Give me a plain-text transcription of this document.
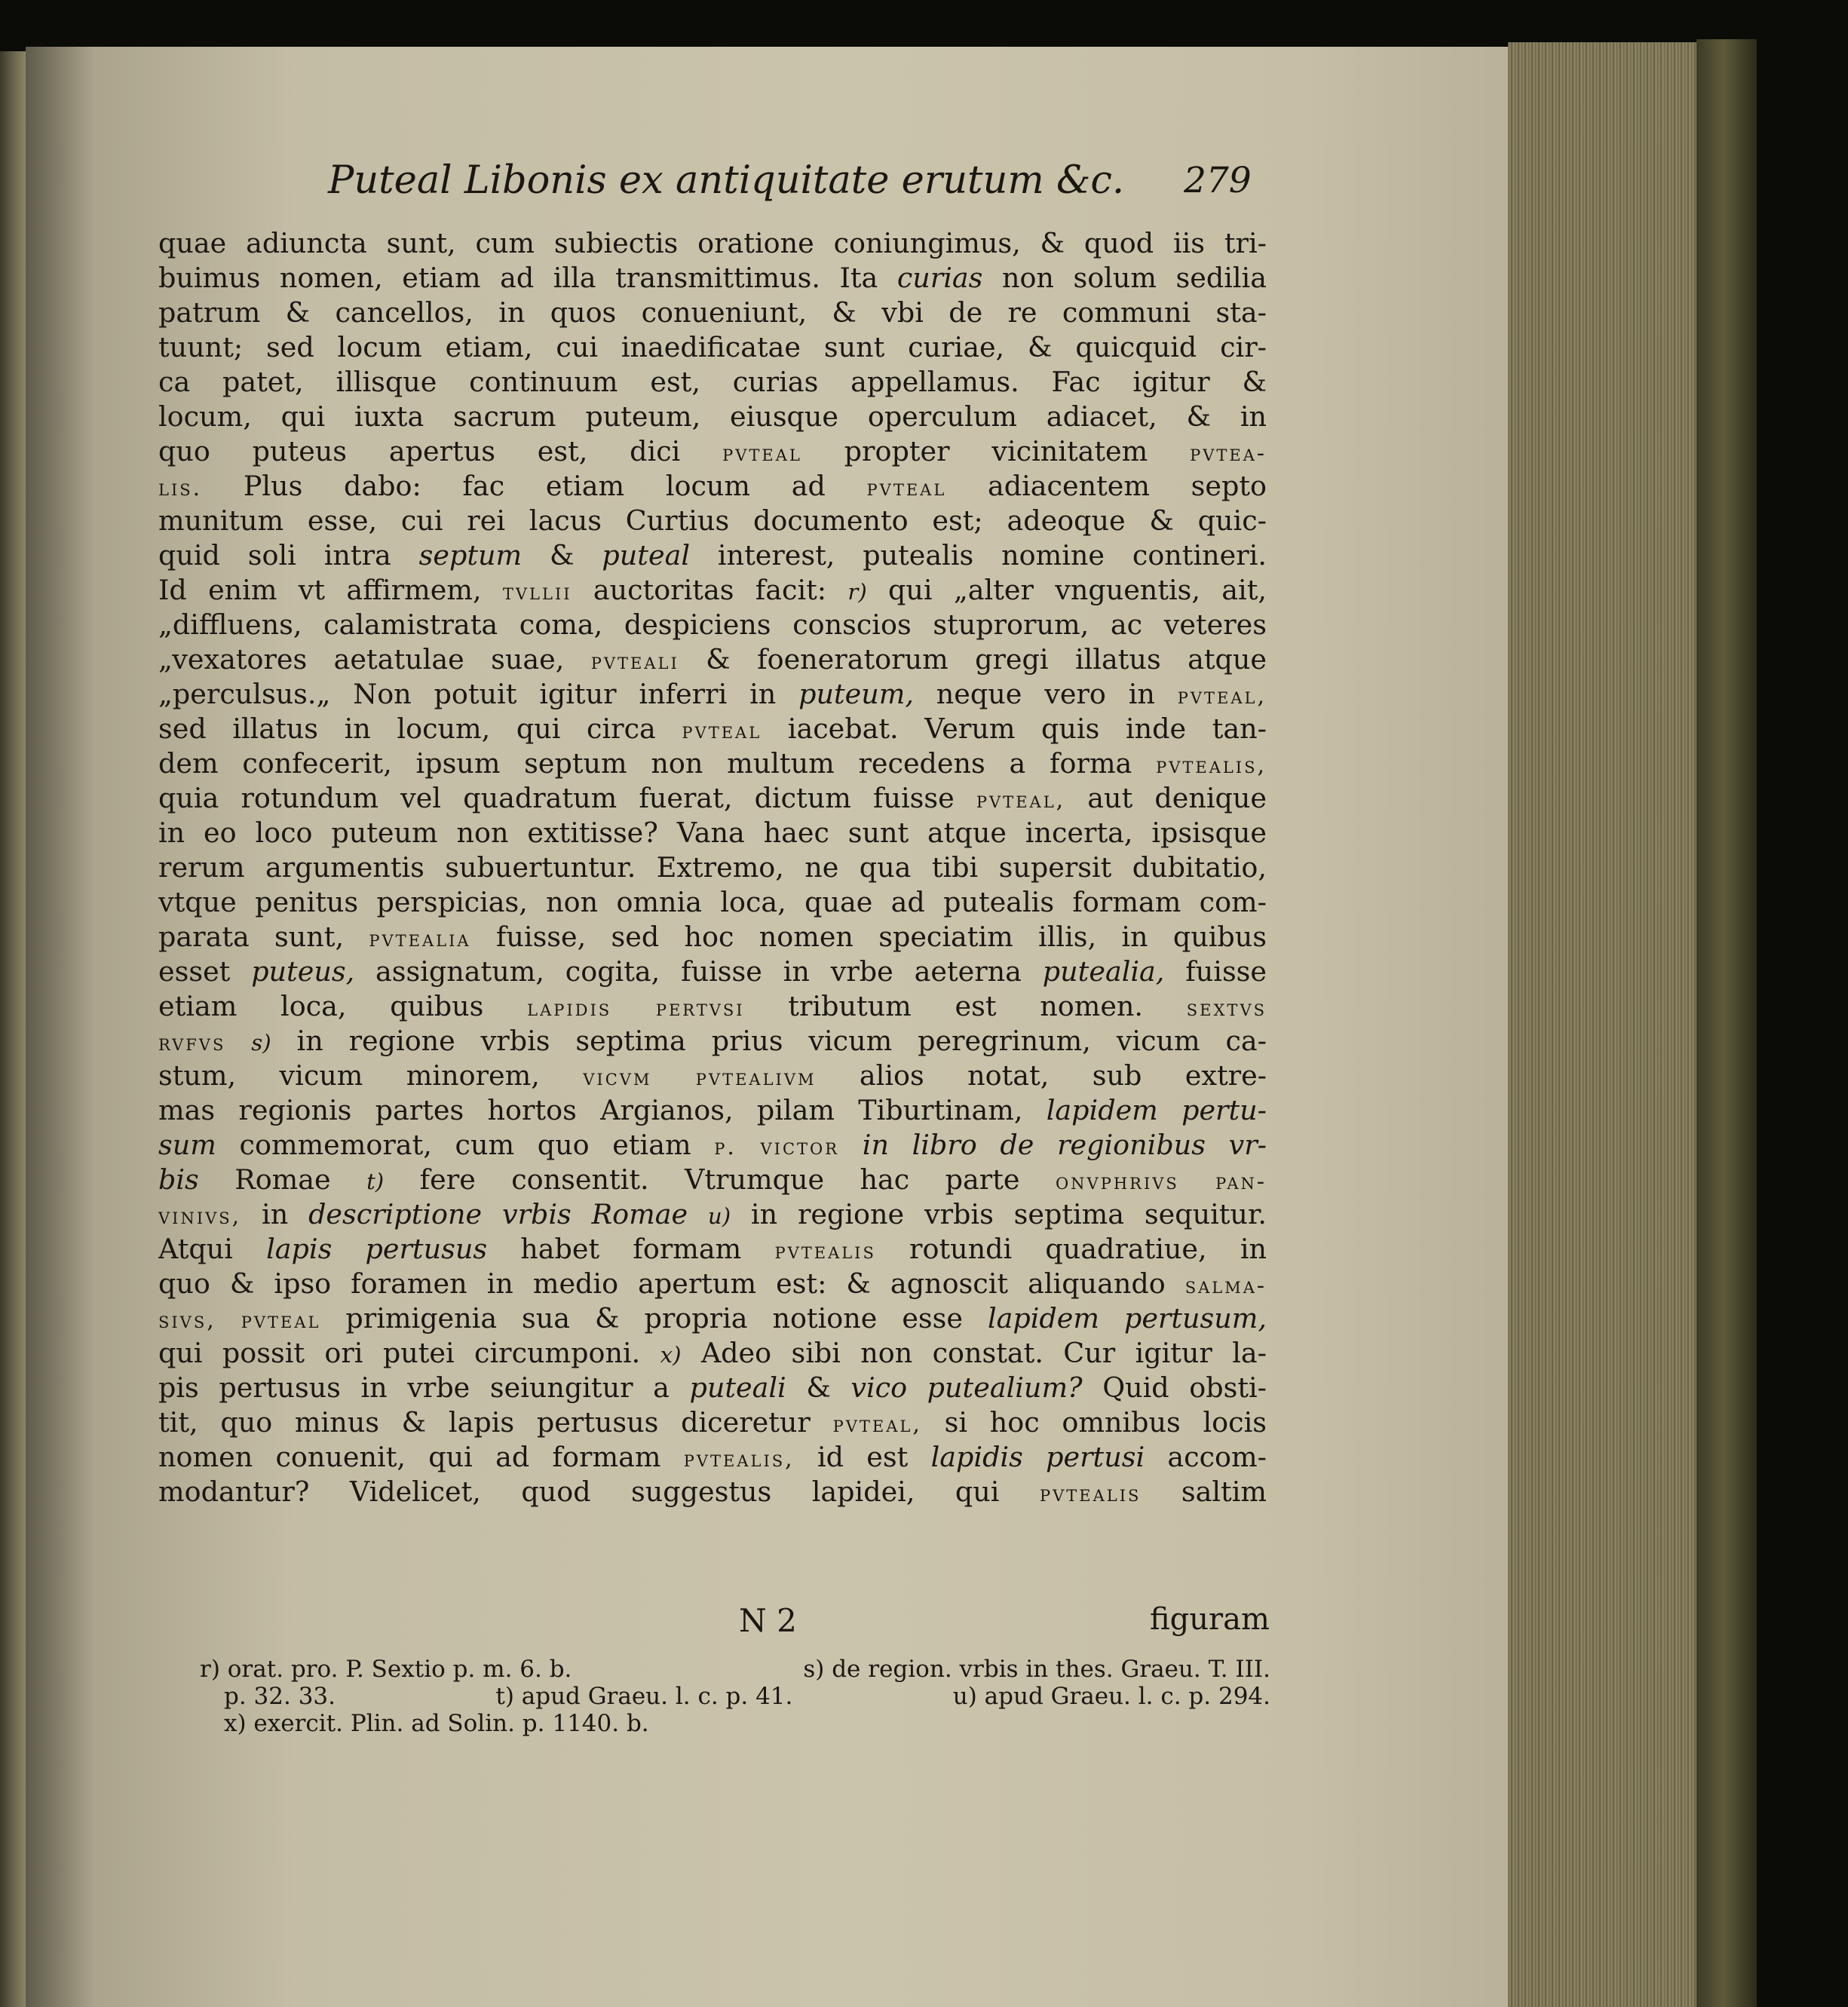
Puteal Libonis ex antiquitate erutum &c. 279
quae adiuncta sunt, cum subiectis oratione coniungimus, & quod iis tri-
buimus nomen, etiam ad illa transmittimus. Ita curias non solum sedilia
patrum & cancellos, in quos conueniunt, & vbi de re communi sta-
tuunt; sed locum etiam, cui inaedificatae sunt curiae, & quicquid cir-
ca patet, illisque continuum est, curias appellamus. Fac igitur &
locum, qui iuxta sacrum puteum, eiusque operculum adiacet, & in
quo puteus apertus est, dici pvteal propter vicinitatem pvtea-
lis. Plus dabo: fac etiam locum ad pvteal adiacentem septo
munitum esse, cui rei lacus Curtius documento est; adeoque & quic-
quid soli intra septum & puteal interest, putealis nomine contineri.
Id enim vt affirmem, tvllii auctoritas facit: r) qui „alter vnguentis, ait,
„diffluens, calamistrata coma, despiciens conscios stuprorum, ac veteres
„vexatores aetatulae suae, pvteali & foeneratorum gregi illatus atque
„perculsus.„ Non potuit igitur inferri in puteum, neque vero in pvteal,
sed illatus in locum, qui circa pvteal iacebat. Verum quis inde tan-
dem confecerit, ipsum septum non multum recedens a forma pvtealis,
quia rotundum vel quadratum fuerat, dictum fuisse pvteal, aut denique
in eo loco puteum non extitisse? Vana haec sunt atque incerta, ipsisque
rerum argumentis subuertuntur. Extremo, ne qua tibi supersit dubitatio,
vtque penitus perspicias, non omnia loca, quae ad putealis formam com-
parata sunt, pvtealia fuisse, sed hoc nomen speciatim illis, in quibus
esset puteus, assignatum, cogita, fuisse in vrbe aeterna putealia, fuisse
etiam loca, quibus lapidis pertvsi tributum est nomen. sextvs
rvfvs s) in regione vrbis septima prius vicum peregrinum, vicum ca-
stum, vicum minorem, vicvm pvtealivm alios notat, sub extre-
mas regionis partes hortos Argianos, pilam Tiburtinam, lapidem pertu-
sum commemorat, cum quo etiam p. victor in libro de regionibus vr-
bis Romae t) fere consentit. Vtrumque hac parte onvphrivs pan-
vinivs, in descriptione vrbis Romae u) in regione vrbis septima sequitur.
Atqui lapis pertusus habet formam pvtealis rotundi quadratiue, in
quo & ipso foramen in medio apertum est: & agnoscit aliquando salma-
sivs, pvteal primigenia sua & propria notione esse lapidem pertusum,
qui possit ori putei circumponi. x) Adeo sibi non constat. Cur igitur la-
pis pertusus in vrbe seiungitur a puteali & vico putealium? Quid obsti-
tit, quo minus & lapis pertusus diceretur pvteal, si hoc omnibus locis
nomen conuenit, qui ad formam pvtealis, id est lapidis pertusi accom-
modantur? Videlicet, quod suggestus lapidei, qui pvtealis saltim
N 2	figuram
r) orat. pro. P. Sextio p. m. 6. b.	s) de region. vrbis in thes. Graeu. T. III.
p. 32. 33.	t) apud Graeu. l. c. p. 41.	u) apud Graeu. l. c. p. 294.
x) exercit. Plin. ad Solin. p. 1140. b.
